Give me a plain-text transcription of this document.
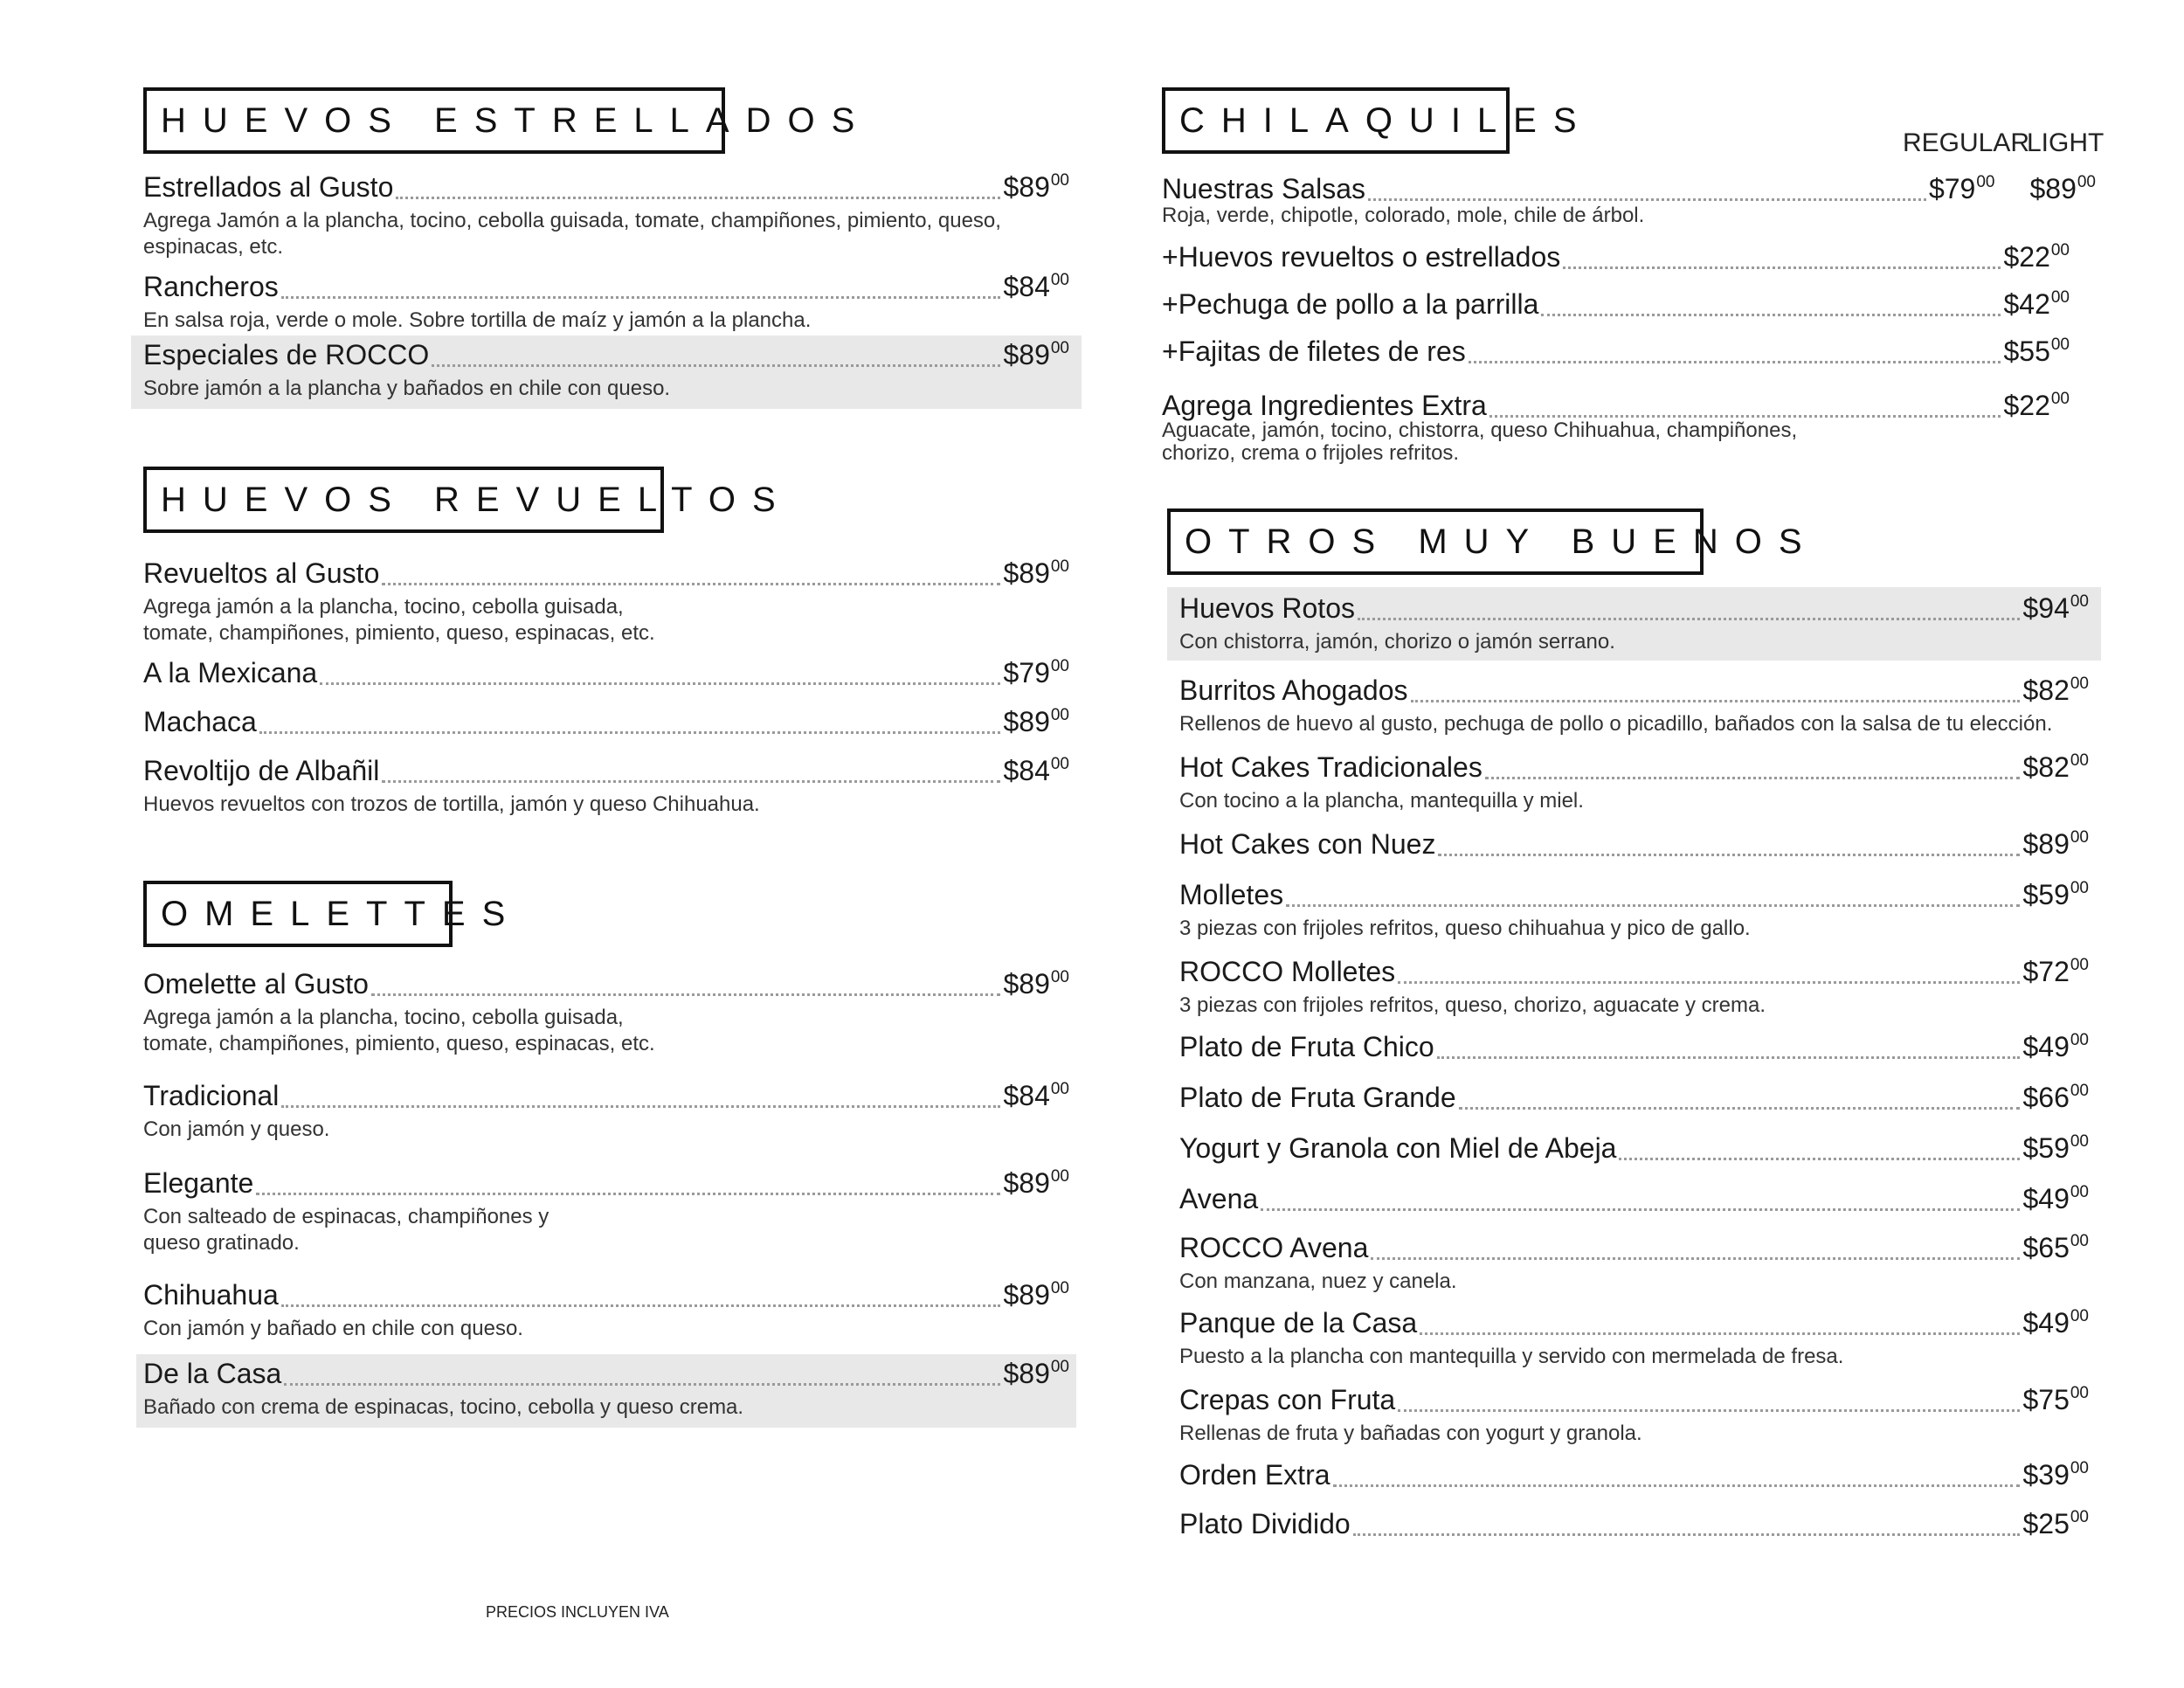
HUEVOS ESTRELLADOS
Estrellados al Gusto	$\$89^{00}$
Agrega Jamón a la plancha, tocino, cebolla guisada, tomate, champiñones, pimiento, queso,
espinacas, etc.
Rancheros	$\$84^{00}$
En salsa roja, verde o mole. Sobre tortilla de maíz y jamón a la plancha.
Especiales de ROCCO	$\$89^{00}$
Sobre jamón a la plancha y bañados en chile con queso.
HUEVOS REVUELTOS
Revueltos al Gusto	$\$89^{00}$
Agrega jamón a la plancha, tocino, cebolla guisada,
tomate, champiñones, pimiento, queso, espinacas, etc.
A la Mexicana	$\$79^{00}$
Machaca	$\$89^{00}$
Revoltijo de Albañil	$\$84^{00}$
Huevos revueltos con trozos de tortilla, jamón y queso Chihuahua.
OMELETTES
Omelette al Gusto	$\$89^{00}$
Agrega jamón a la plancha, tocino, cebolla guisada,
tomate, champiñones, pimiento, queso, espinacas, etc.
Tradicional	$\$84^{00}$
Con jamón y queso.
Elegante	$\$89^{00}$
Con salteado de espinacas, champiñones y
queso gratinado.
Chihuahua	$\$89^{00}$
Con jamón y bañado en chile con queso.
De la Casa	$\$89^{00}$
Bañado con crema de espinacas, tocino, cebolla y queso crema.
CHILAQUILES
REGULAR
LIGHT
Nuestras Salsas	$\$79^{00}$ $\$89^{00}$
Roja, verde, chipotle, colorado, mole, chile de árbol.
+Huevos revueltos o estrellados	$\$22^{00}$
+Pechuga de pollo a la parrilla	$\$42^{00}$
+Fajitas de filetes de res	$\$55^{00}$
Agrega Ingredientes Extra	$\$22^{00}$
Aguacate, jamón, tocino, chistorra, queso Chihuahua, champiñones,
chorizo, crema o frijoles refritos.
OTROS MUY BUENOS
Huevos Rotos	$\$94^{00}$
Con chistorra, jamón, chorizo o jamón serrano.
Burritos Ahogados	$\$82^{00}$
Rellenos de huevo al gusto, pechuga de pollo o picadillo, bañados con la salsa de tu elección.
Hot Cakes Tradicionales	$\$82^{00}$
Con tocino a la plancha, mantequilla y miel.
Hot Cakes con Nuez	$\$89^{00}$
Molletes	$\$59^{00}$
3 piezas con frijoles refritos, queso chihuahua y pico de gallo.
ROCCO Molletes	$\$72^{00}$
3 piezas con frijoles refritos, queso, chorizo, aguacate y crema.
Plato de Fruta Chico	$\$49^{00}$
Plato de Fruta Grande	$\$66^{00}$
Yogurt y Granola con Miel de Abeja	$\$59^{00}$
Avena	$\$49^{00}$
ROCCO Avena	$\$65^{00}$
Con manzana, nuez y canela.
Panque de la Casa	$\$49^{00}$
Puesto a la plancha con mantequilla y servido con mermelada de fresa.
Crepas con Fruta	$\$75^{00}$
Rellenas de fruta y bañadas con yogurt y granola.
Orden Extra	$\$39^{00}$
Plato Dividido	$\$25^{00}$
PRECIOS INCLUYEN IVA
